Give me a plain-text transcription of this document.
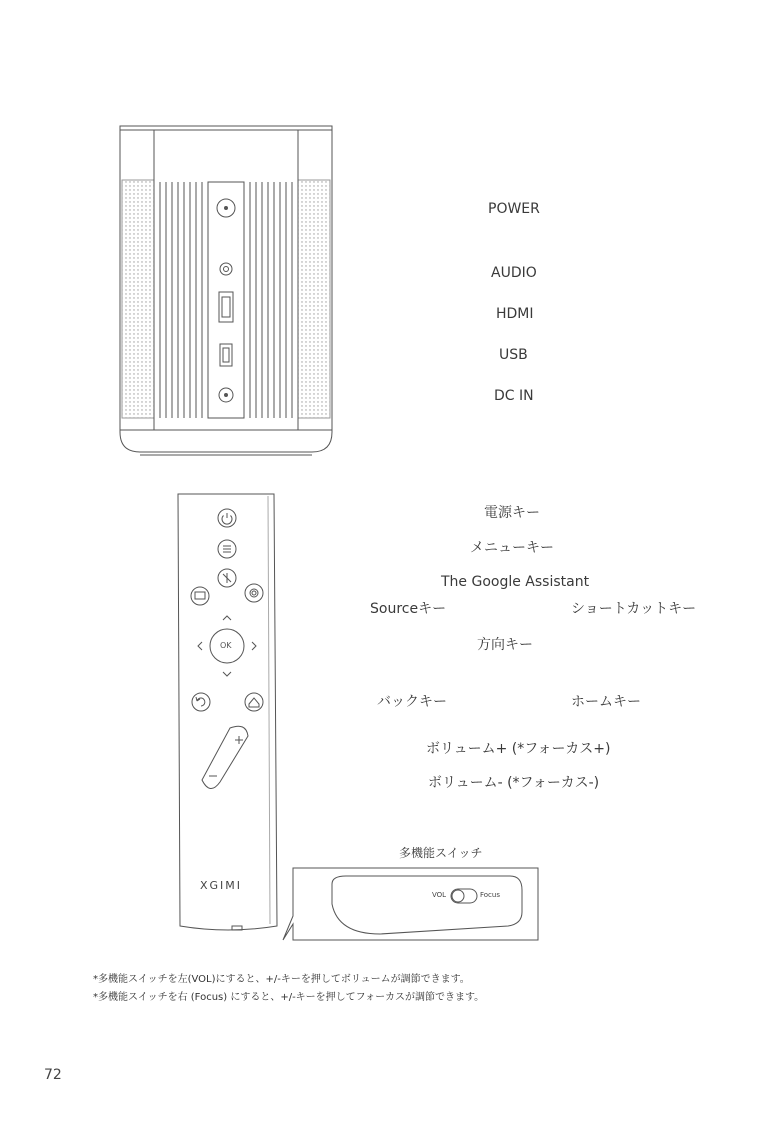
POWER
AUDIO
HDMI
USB
DC IN
電源キー
メニューキー
The Google Assistant
Sourceキー	ショートカットキー
方向キー
バックキー	ホームキー
ボリューム+ (*フォーカス+)
ボリューム- (*フォーカス-)
OK
XGIMI
多機能スイッチ
VOL	Focus
*多機能スイッチを左(VOL)にすると、+/-キーを押してボリュームが調節できます。
*多機能スイッチを右 (Focus) にすると、+/-キーを押してフォーカスが調節できます。
72
